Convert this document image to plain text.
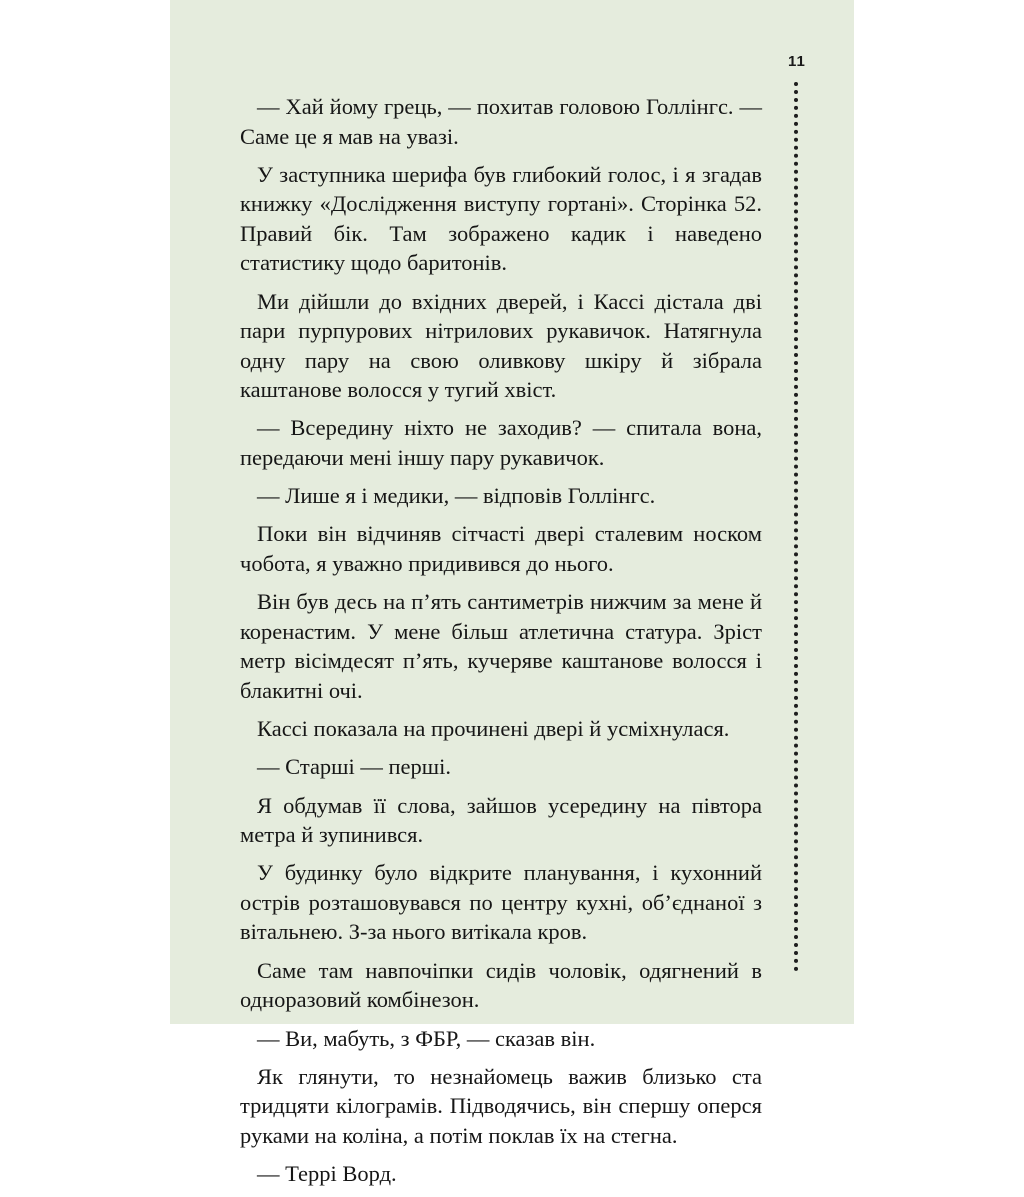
11

— Хай йому грець, — похитав головою Голлінгс. — Саме це я мав на увазі.

У заступника шерифа був глибокий голос, і я згадав книжку «Дослідження виступу гортані». Сторінка 52. Правий бік. Там зображено кадик і наведено статистику щодо баритонів.

Ми дійшли до вхідних дверей, і Кассі дістала дві пари пурпурових нітрилових рукавичок. Натягнула одну пару на свою оливкову шкіру й зібрала каштанове волосся у тугий хвіст.

— Всередину ніхто не заходив? — спитала вона, передаючи мені іншу пару рукавичок.

— Лише я і медики, — відповів Голлінгс.

Поки він відчиняв сітчасті двері сталевим носком чобота, я уважно придивився до нього.

Він був десь на п’ять сантиметрів нижчим за мене й коренастим. У мене більш атлетична статура. Зріст метр вісімдесят п’ять, кучеряве каштанове волосся і блакитні очі.

Кассі показала на прочинені двері й усміхнулася.

— Старші — перші.

Я обдумав її слова, зайшов усередину на півтора метра й зупинився.

У будинку було відкрите планування, і кухонний острів розташовувався по центру кухні, об’єднаної з вітальнею. З-за нього витікала кров.

Саме там навпочіпки сидів чоловік, одягнений в одноразовий комбінезон.

— Ви, мабуть, з ФБР, — сказав він.

Як глянути, то незнайомець важив близько ста тридцяти кілограмів. Підводячись, він спершу оперся руками на коліна, а потім поклав їх на стегна.

— Террі Ворд.
